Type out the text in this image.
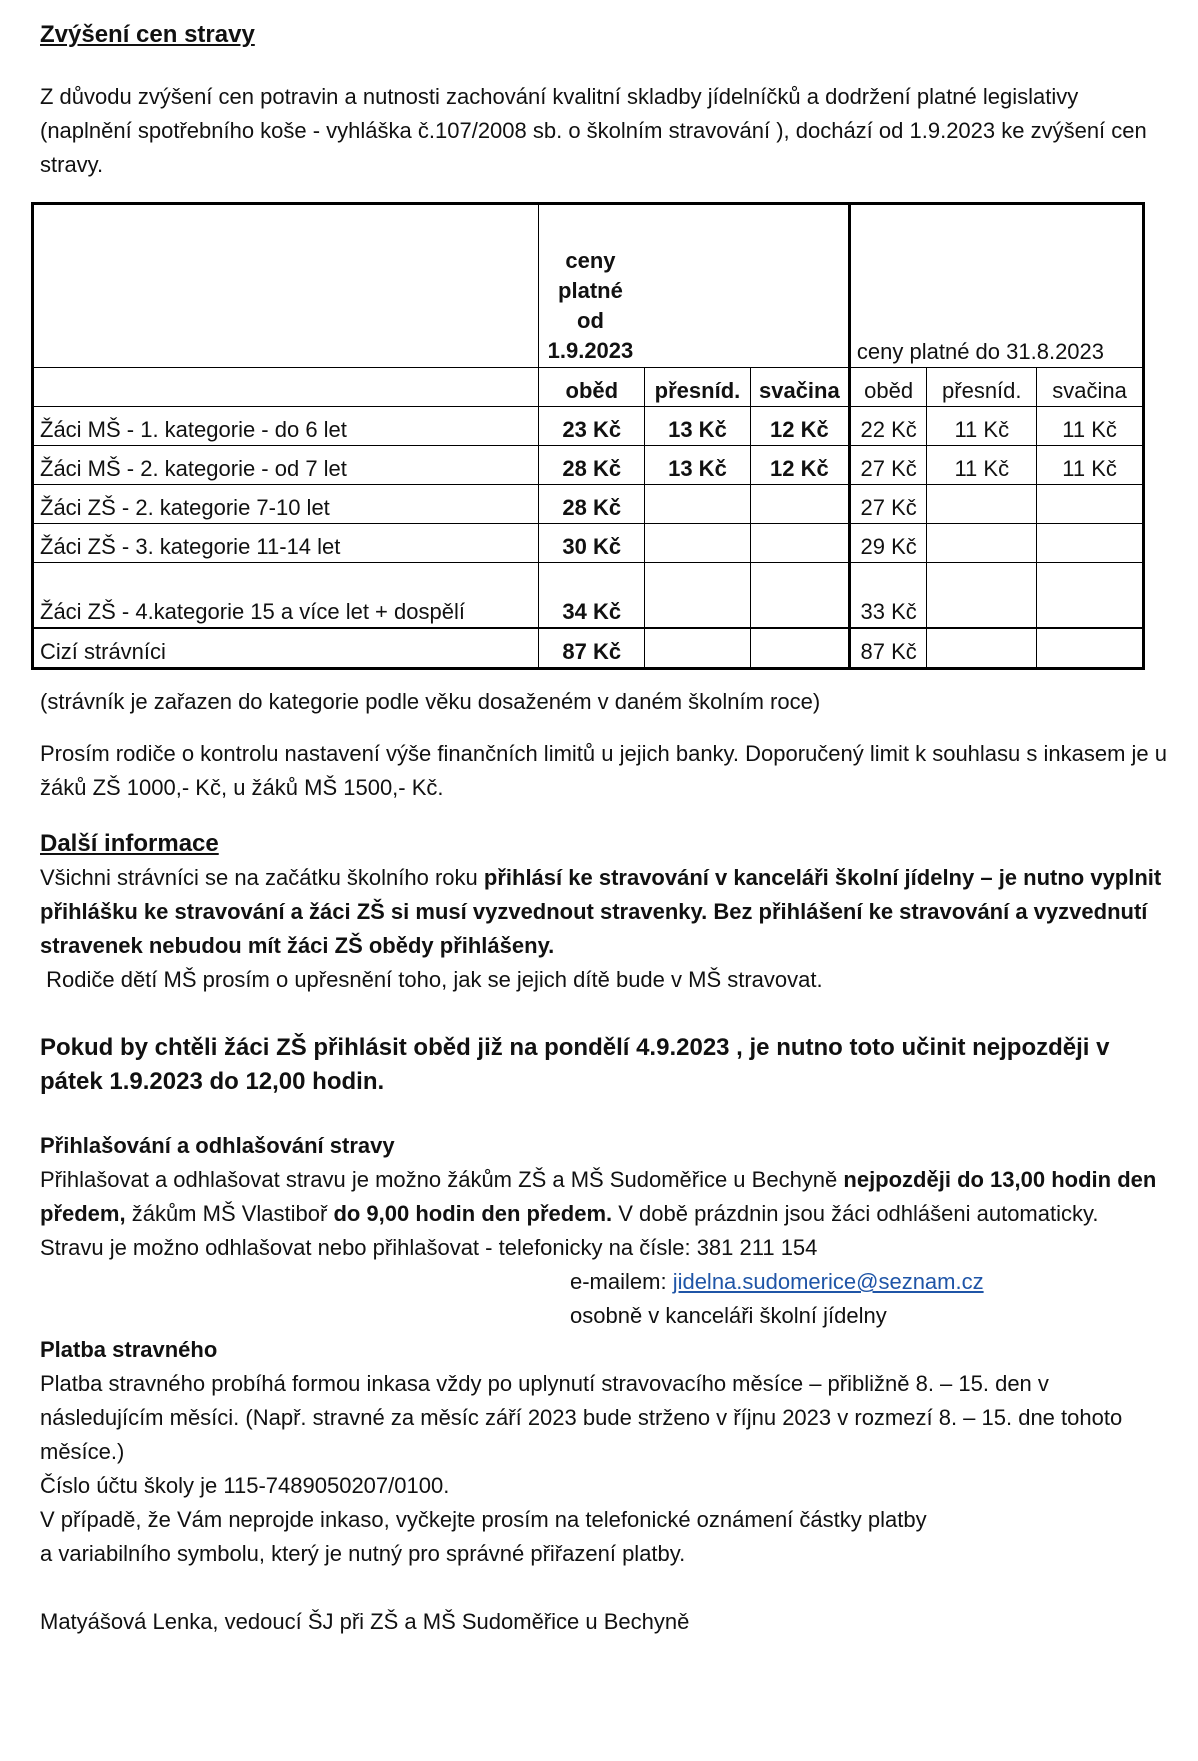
Zvýšení cen stravy

Z důvodu zvýšení cen potravin a nutnosti zachování kvalitní skladby jídelníčků a dodržení platné legislativy (naplnění spotřebního koše - vyhláška č.107/2008 sb. o školním stravování ), dochází od 1.9.2023 ke zvýšení cen stravy.

	ceny
platné
od
1.9.2023			ceny platné do 31.8.2023		
	oběd	přesníd.	svačina	oběd	přesníd.	svačina
Žáci MŠ - 1. kategorie - do 6 let	23 Kč	13 Kč	12 Kč	22 Kč	11 Kč	11 Kč
Žáci MŠ - 2. kategorie - od 7 let	28 Kč	13 Kč	12 Kč	27 Kč	11 Kč	11 Kč
Žáci ZŠ - 2. kategorie 7-10 let	28 Kč			27 Kč		
Žáci ZŠ - 3. kategorie 11-14 let	30 Kč			29 Kč		
Žáci ZŠ - 4.kategorie 15 a více let + dospělí	34 Kč			33 Kč		
Cizí strávníci	87 Kč			87 Kč		

(strávník je zařazen do kategorie podle věku dosaženém v daném školním roce)

Prosím rodiče o kontrolu nastavení výše finančních limitů u jejich banky. Doporučený limit k souhlasu s inkasem je u žáků ZŠ 1000,- Kč, u žáků MŠ 1500,- Kč.

Další informace

Všichni strávníci se na začátku školního roku přihlásí ke stravování v kanceláři školní jídelny – je nutno vyplnit přihlášku ke stravování a žáci ZŠ si musí vyzvednout stravenky. Bez přihlášení ke stravování a vyzvednutí stravenek nebudou mít žáci ZŠ obědy přihlášeny.

Rodiče dětí MŠ prosím o upřesnění toho, jak se jejich dítě bude v MŠ stravovat.

Pokud by chtěli žáci ZŠ přihlásit oběd již na pondělí 4.9.2023 , je nutno toto učinit nejpozději v pátek 1.9.2023 do 12,00 hodin.

Přihlašování a odhlašování stravy

Přihlašovat a odhlašovat stravu je možno žákům ZŠ a MŠ Sudoměřice u Bechyně nejpozději do 13,00 hodin den předem, žákům MŠ Vlastiboř do 9,00 hodin den předem. V době prázdnin jsou žáci odhlášeni automaticky.

Stravu je možno odhlašovat nebo přihlašovat - telefonicky na čísle: 381 211 154

e-mailem: jidelna.sudomerice@seznam.cz

osobně v kanceláři školní jídelny

Platba stravného

Platba stravného probíhá formou inkasa vždy po uplynutí stravovacího měsíce – přibližně 8. – 15. den v následujícím měsíci. (Např. stravné za měsíc září 2023 bude strženo v říjnu 2023 v rozmezí 8. – 15. dne tohoto měsíce.)

Číslo účtu školy je 115-7489050207/0100.

V případě, že Vám neprojde inkaso, vyčkejte prosím na telefonické oznámení částky platby

a variabilního symbolu, který je nutný pro správné přiřazení platby.

Matyášová Lenka, vedoucí ŠJ při ZŠ a MŠ Sudoměřice u Bechyně
